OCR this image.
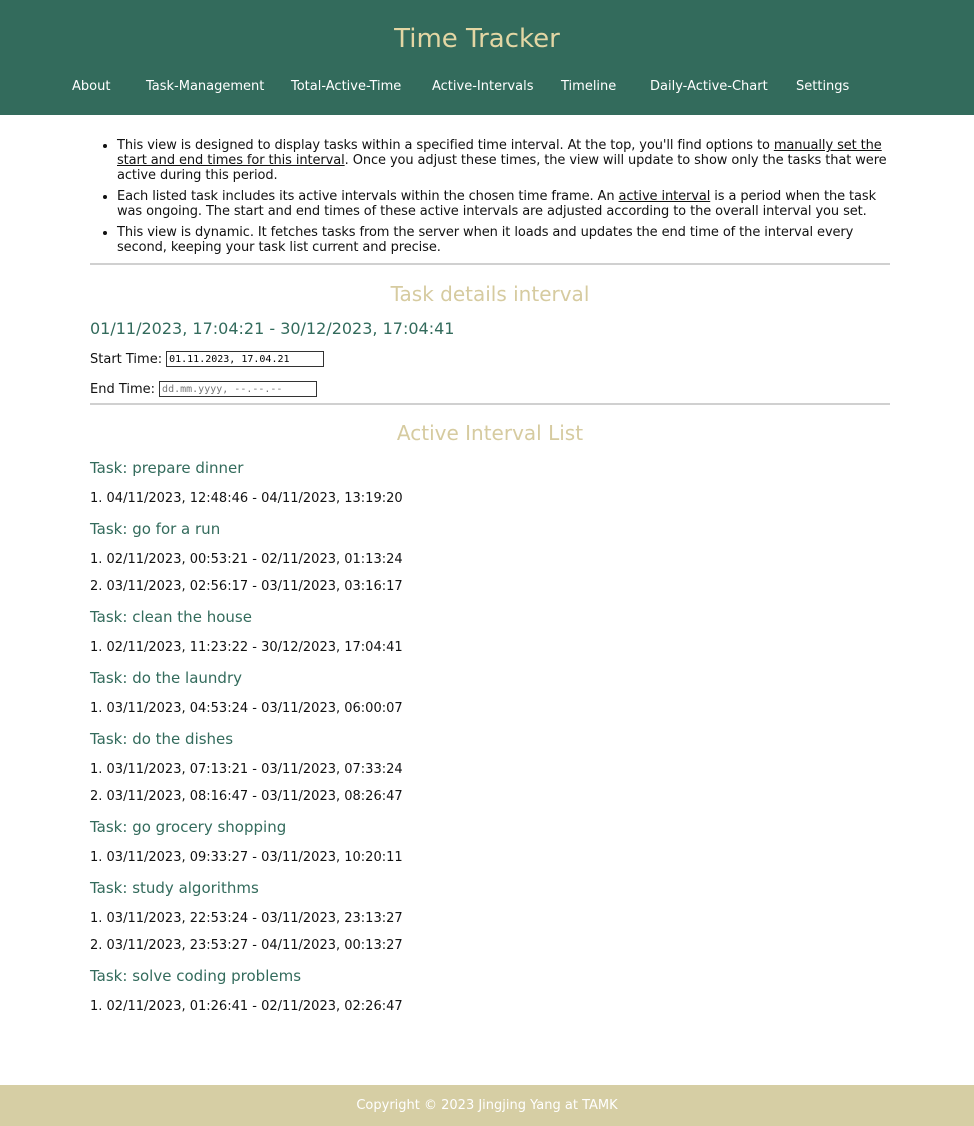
Time Tracker
About	Task-Management Total-Active-Time Active-Intervals Timeline	Daily-Active-Chart Settings
• This view is designed to display tasks within a specified time interval. At the top, you'll find options to manually set the start and end times for this interval. Once you adjust these times, the view will update to show only the tasks that were active during this period.
• Each listed task includes its active intervals within the chosen time frame. An active interval is a period when the task was ongoing. The start and end times of these active intervals are adjusted according to the overall interval you set.
• This view is dynamic. It fetches tasks from the server when it loads and updates the end time of the interval every second, keeping your task list current and precise.
Task details interval

01/11/2023, 17:04:21 - 30/12/2023, 17:04:41

Start Time:
01.11.2023, 17.04.21
End Time:
dd.mm.yyyy, --.--.--
Active Interval List
Task: prepare dinner

1. 04/11/2023, 12:48:46 - 04/11/2023, 13:19:20

Task: go for a run

1. 02/11/2023, 00:53:21 - 02/11/2023, 01:13:24

2. 03/11/2023, 02:56:17 - 03/11/2023, 03:16:17

Task: clean the house

1. 02/11/2023, 11:23:22 - 30/12/2023, 17:04:41

Task: do the laundry

1. 03/11/2023, 04:53:24 - 03/11/2023, 06:00:07

Task: do the dishes

1. 03/11/2023, 07:13:21 - 03/11/2023, 07:33:24

2. 03/11/2023, 08:16:47 - 03/11/2023, 08:26:47

Task: go grocery shopping

1. 03/11/2023, 09:33:27 - 03/11/2023, 10:20:11

Task: study algorithms

1. 03/11/2023, 22:53:24 - 03/11/2023, 23:13:27

2. 03/11/2023, 23:53:27 - 04/11/2023, 00:13:27

Task: solve coding problems

1. 02/11/2023, 01:26:41 - 02/11/2023, 02:26:47

Copyright © 2023 Jingjing Yang at TAMK
